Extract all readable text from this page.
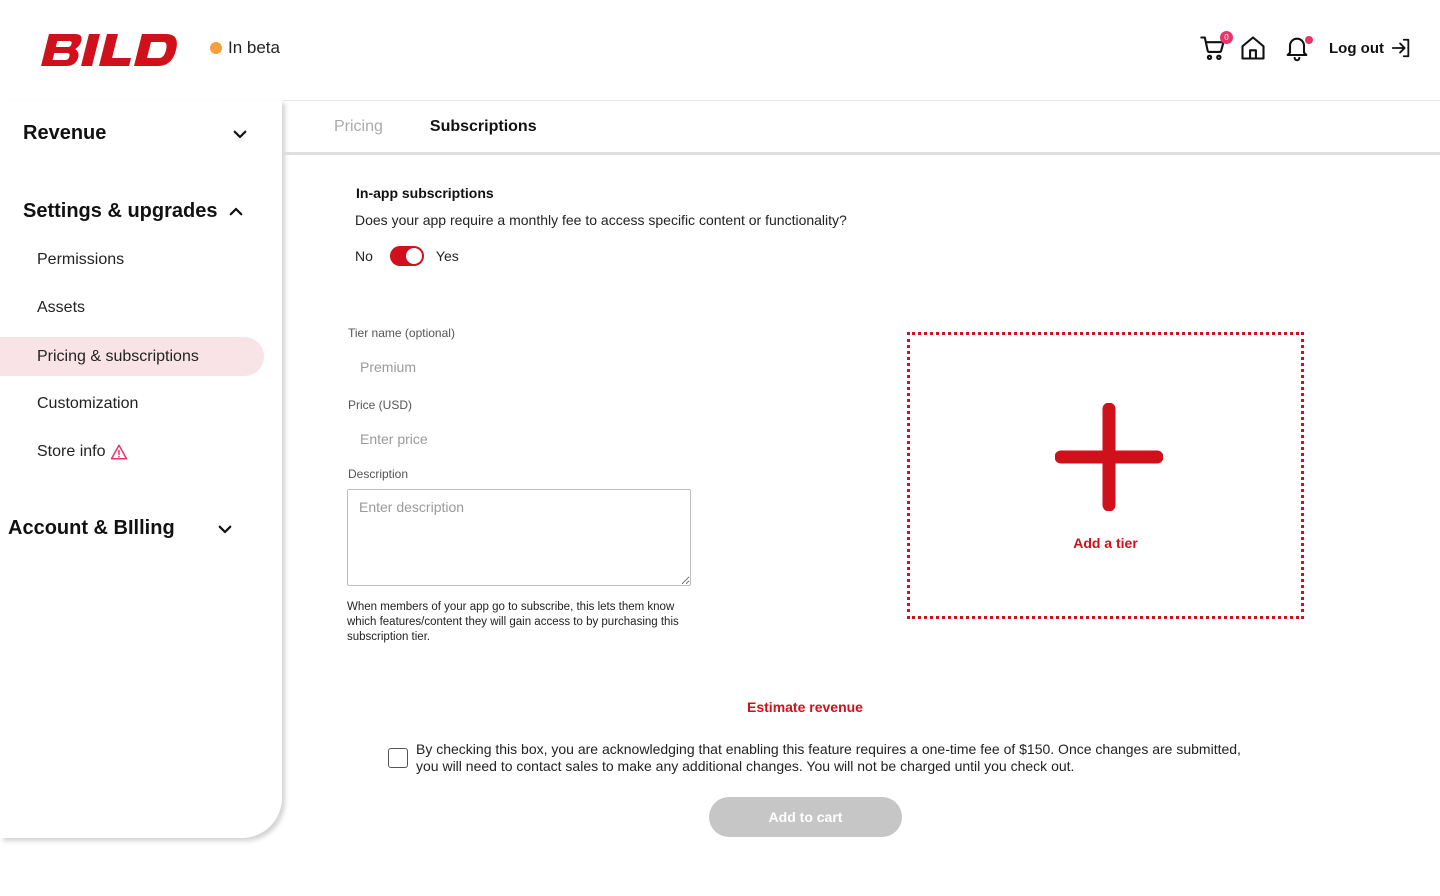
In beta
0
Log out
Revenue
Settings & upgrades
Permissions
Assets
Pricing & subscriptions
Customization
Store info
Account & BIlling
Pricing	Subscriptions
In-app subscriptions
Does your app require a monthly fee to access specific content or functionality?
No	Yes
Tier name (optional)
Premium
Price (USD)
Enter price
Description
Enter description
When members of your app go to subscribe, this lets them know which features/content they will gain access to by purchasing this subscription tier.
Add a tier
Estimate revenue
By checking this box, you are acknowledging that enabling this feature requires a one-time fee of $150. Once changes are submitted, you will need to contact sales to make any additional changes. You will not be charged until you check out.
Add to cart
